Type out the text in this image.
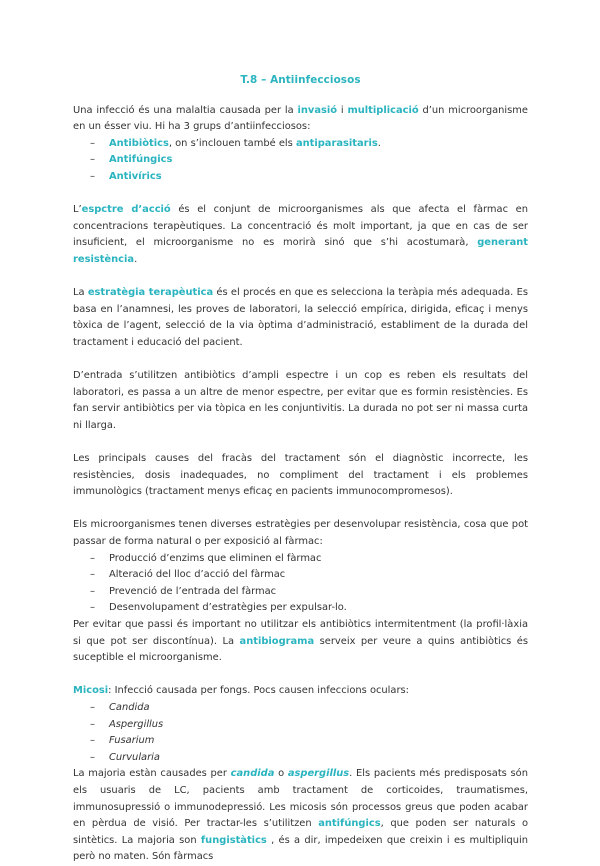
T.8 – Antiinfecciosos

Una infecció és una malaltia causada per la invasió i multiplicació d’un microorganisme en un ésser viu. Hi ha 3 grups d’antiinfecciosos:

– Antibiòtics, on s’inclouen també els antiparasitaris.
– Antifúngics
– Antivírics

L’espctre d’acció és el conjunt de microorganismes als que afecta el fàrmac en concentracions terapèutiques. La concentració és molt important, ja que en cas de ser insuficient, el microorganisme no es morirà sinó que s’hi acostumarà, generant resistència.

La estratègia terapèutica és el procés en que es selecciona la teràpia més adequada. Es basa en l’anamnesi, les proves de laboratori, la selecció empírica, dirigida, eficaç i menys tòxica de l’agent, selecció de la via òptima d’administració, establiment de la durada del tractament i educació del pacient.

D’entrada s’utilitzen antibiòtics d’ampli espectre i un cop es reben els resultats del laboratori, es passa a un altre de menor espectre, per evitar que es formin resistències. Es fan servir antibiòtics per via tòpica en les conjuntivitis. La durada no pot ser ni massa curta ni llarga.

Les principals causes del fracàs del tractament són el diagnòstic incorrecte, les resistències, dosis inadequades, no compliment del tractament i els problemes immunològics (tractament menys eficaç en pacients immunocompromesos).

Els microorganismes tenen diverses estratègies per desenvolupar resistència, cosa que pot passar de forma natural o per exposició al fàrmac:

– Producció d’enzims que eliminen el fàrmac
– Alteració del lloc d’acció del fàrmac
– Prevenció de l’entrada del fàrmac
– Desenvolupament d’estratègies per expulsar-lo.

Per evitar que passi és important no utilitzar els antibiòtics intermitentment (la profil·làxia si que pot ser discontínua). La antibiograma serveix per veure a quins antibiòtics és suceptible el microorganisme.

Micosi: Infecció causada per fongs. Pocs causen infeccions oculars:

– Candida
– Aspergillus
– Fusarium
– Curvularia

La majoria estàn causades per candida o aspergillus. Els pacients més predisposats són els usuaris de LC, pacients amb tractament de corticoides, traumatismes, immunosupressió o immunodepressió. Les micosis són processos greus que poden acabar en pèrdua de visió. Per tractar-les s’utilitzen antifúngics, que poden ser naturals o sintètics. La majoria son fungistàtics , és a dir, impedeixen que creixin i es multipliquin però no maten. Són fàrmacs
